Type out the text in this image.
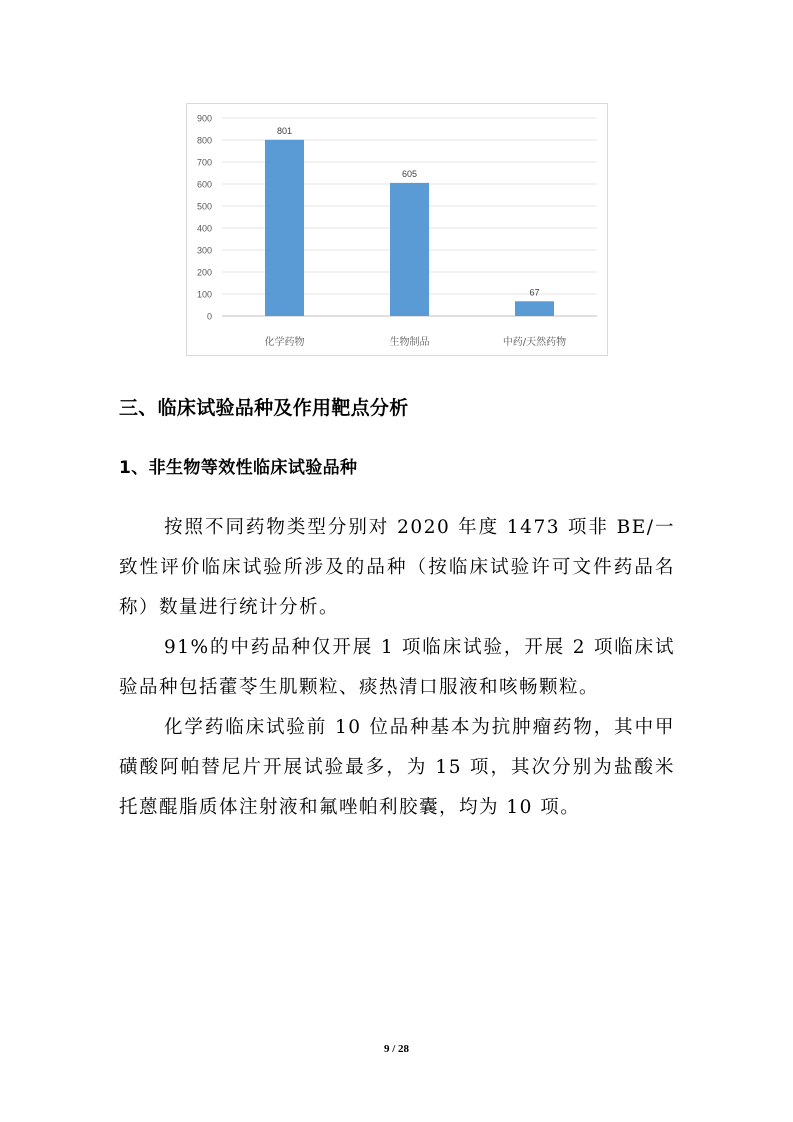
900
800
700
600
500
400
300
200
100
0
801
化学药物
605
生物制品
67
中药/天然药物
三、临床试验品种及作用靶点分析
1、非生物等效性临床试验品种

按照不同药物类型分别对 2020 年度 1473 项非 BE/一致性评价临床试验所涉及的品种（按临床试验许可文件药品名称）数量进行统计分析。

91%的中药品种仅开展 1 项临床试验，开展 2 项临床试验品种包括藿苓生肌颗粒、痰热清口服液和咳畅颗粒。

化学药临床试验前 10 位品种基本为抗肿瘤药物，其中甲磺酸阿帕替尼片开展试验最多，为 15 项，其次分别为盐酸米托蒽醌脂质体注射液和氟唑帕利胶囊，均为 10 项。

9 / 28
